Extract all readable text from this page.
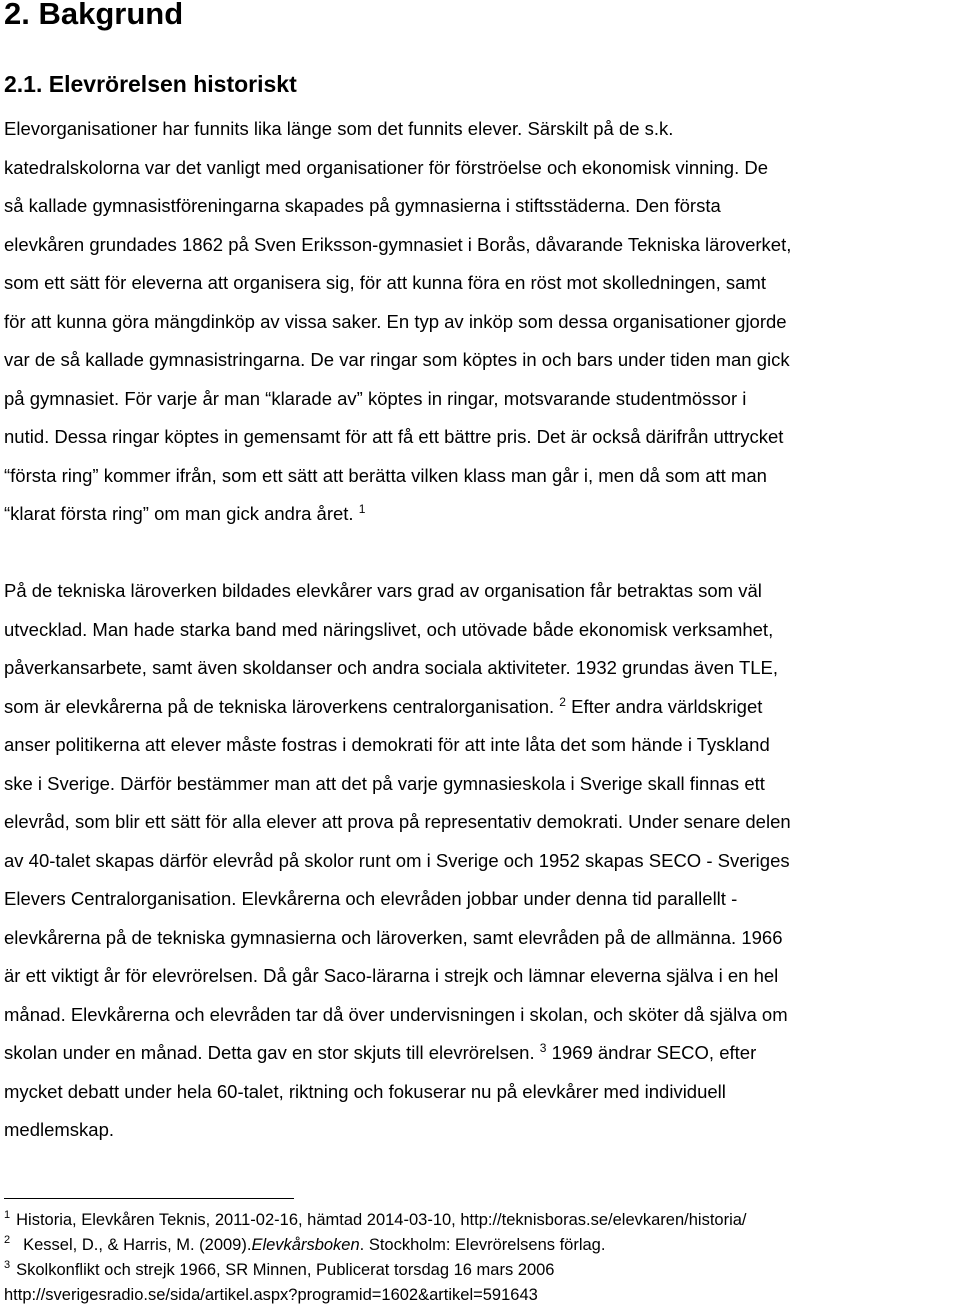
2. Bakgrund
2.1. Elevrörelsen historiskt
Elevorganisationer har funnits lika länge som det funnits elever. Särskilt på de s.k.
katedralskolorna var det vanligt med organisationer för förströelse och ekonomisk vinning. De
så kallade gymnasistföreningarna skapades på gymnasierna i stiftsstäderna. Den första
elevkåren grundades 1862 på Sven Eriksson-gymnasiet i Borås, dåvarande Tekniska läroverket,
som ett sätt för eleverna att organisera sig, för att kunna föra en röst mot skolledningen, samt
för att kunna göra mängdinköp av vissa saker. En typ av inköp som dessa organisationer gjorde
var de så kallade gymnasistringarna. De var ringar som köptes in och bars under tiden man gick
på gymnasiet. För varje år man “klarade av” köptes in ringar, motsvarande studentmössor i
nutid. Dessa ringar köptes in gemensamt för att få ett bättre pris. Det är också därifrån uttrycket
“första ring” kommer ifrån, som ett sätt att berätta vilken klass man går i, men då som att man
“klarat första ring” om man gick andra året. $^1$
På de tekniska läroverken bildades elevkårer vars grad av organisation får betraktas som väl
utvecklad. Man hade starka band med näringslivet, och utövade både ekonomisk verksamhet,
påverkansarbete, samt även skoldanser och andra sociala aktiviteter. 1932 grundas även TLE,
som är elevkårerna på de tekniska läroverkens centralorganisation. $^2$ Efter andra världskriget
anser politikerna att elever måste fostras i demokrati för att inte låta det som hände i Tyskland
ske i Sverige. Därför bestämmer man att det på varje gymnasieskola i Sverige skall finnas ett
elevråd, som blir ett sätt för alla elever att prova på representativ demokrati. Under senare delen
av 40-talet skapas därför elevråd på skolor runt om i Sverige och 1952 skapas SECO - Sveriges
Elevers Centralorganisation. Elevkårerna och elevråden jobbar under denna tid parallellt -
elevkårerna på de tekniska gymnasierna och läroverken, samt elevråden på de allmänna. 1966
är ett viktigt år för elevrörelsen. Då går Saco-lärarna i strejk och lämnar eleverna själva i en hel
månad. Elevkårerna och elevråden tar då över undervisningen i skolan, och sköter då själva om
skolan under en månad. Detta gav en stor skjuts till elevrörelsen. $^3$ 1969 ändrar SECO, efter
mycket debatt under hela 60-talet, riktning och fokuserar nu på elevkårer med individuell
medlemskap.
$^1$ Historia, Elevkåren Teknis, 2011-02-16, hämtad 2014-03-10, http://teknisboras.se/elevkaren/historia/
$^2$ Kessel, D., & Harris, M. (2009).Elevkårsboken. Stockholm: Elevrörelsens förlag.
$^3$ Skolkonflikt och strejk 1966, SR Minnen, Publicerat torsdag 16 mars 2006
http://sverigesradio.se/sida/artikel.aspx?programid=1602&artikel=591643
